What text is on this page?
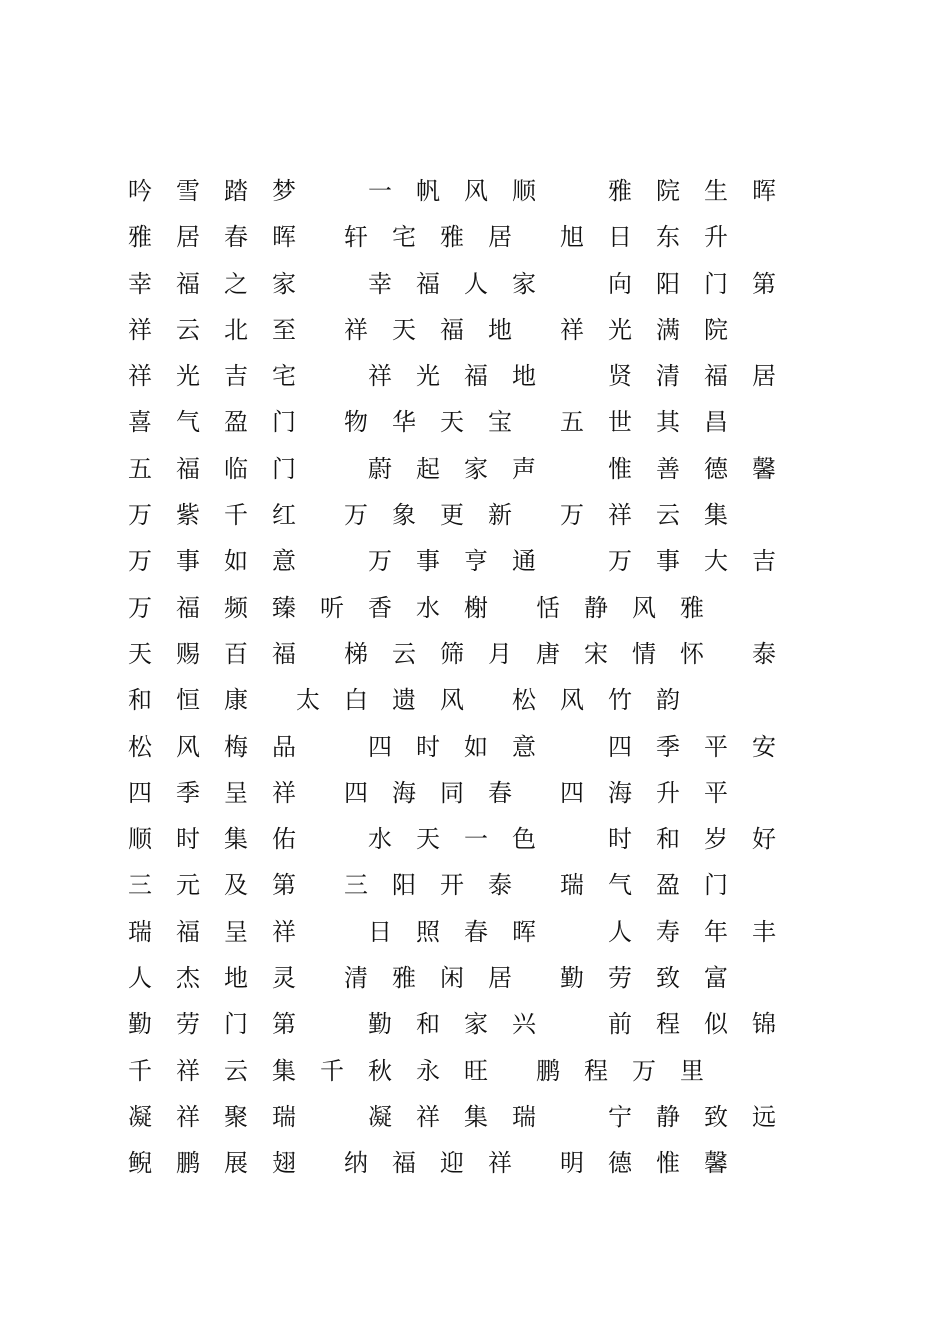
吟　雪　踏　梦　　　一　帆　风　顺　　　雅　院　生　晖
雅　居　春　晖　　轩　宅　雅　居　　旭　日　东　升
幸　福　之　家　　　幸　福　人　家　　　向　阳　门　第
祥　云　北　至　　祥　天　福　地　　祥　光　满　院
祥　光　吉　宅　　　祥　光　福　地　　　贤　清　福　居
喜　气　盈　门　　物　华　天　宝　　五　世　其　昌
五　福　临　门　　　蔚　起　家　声　　　惟　善　德　馨
万　紫　千　红　　万　象　更　新　　万　祥　云　集
万　事　如　意　　　万　事　亨　通　　　万　事　大　吉
万　福　频　臻　听　香　水　榭　　恬　静　风　雅
天　赐　百　福　　梯　云　筛　月　唐　宋　情　怀　　泰
和　恒　康　　太　白　遗　风　　松　风　竹　韵
松　风　梅　品　　　四　时　如　意　　　四　季　平　安
四　季　呈　祥　　四　海　同　春　　四　海　升　平
顺　时　集　佑　　　水　天　一　色　　　时　和　岁　好
三　元　及　第　　三　阳　开　泰　　瑞　气　盈　门
瑞　福　呈　祥　　　日　照　春　晖　　　人　寿　年　丰
人　杰　地　灵　　清　雅　闲　居　　勤　劳　致　富
勤　劳　门　第　　　勤　和　家　兴　　　前　程　似　锦
千　祥　云　集　千　秋　永　旺　　鹏　程　万　里
凝　祥　聚　瑞　　　凝　祥　集　瑞　　　宁　静　致　远
鲵　鹏　展　翅　　纳　福　迎　祥　　明　德　惟　馨
